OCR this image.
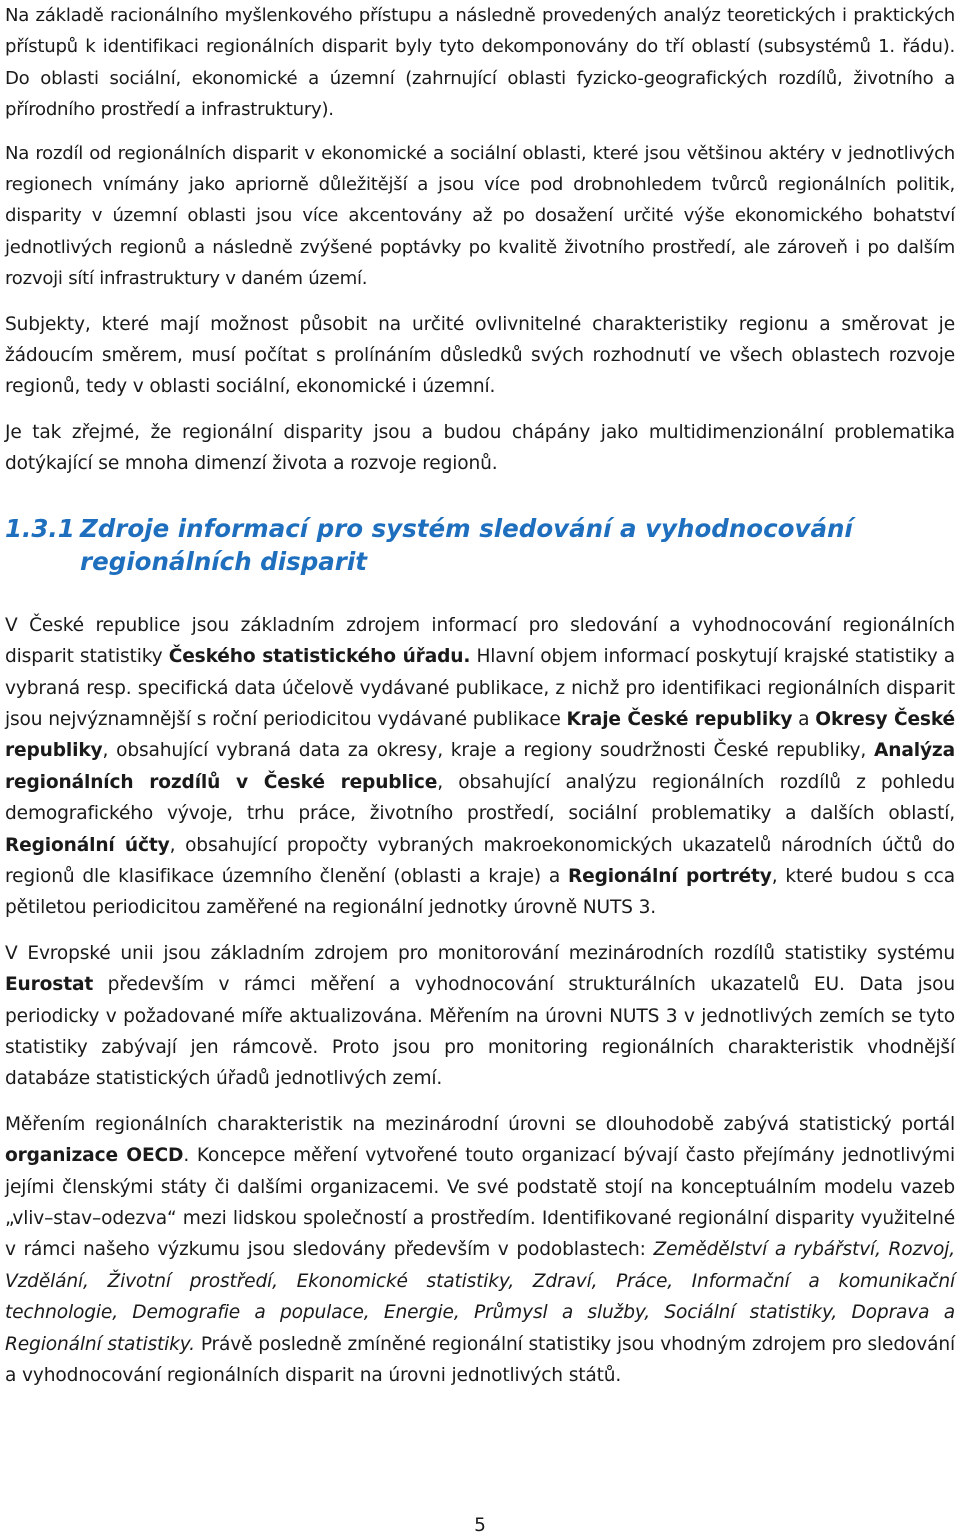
Na základě racionálního myšlenkového přístupu a následně provedených analýz teoretických i praktických přístupů k identifikaci regionálních disparit byly tyto dekomponovány do tří oblastí (subsystémů 1. řádu). Do oblasti sociální, ekonomické a územní (zahrnující oblasti fyzicko-geografických rozdílů, životního a přírodního prostředí a infrastruktury).

Na rozdíl od regionálních disparit v ekonomické a sociální oblasti, které jsou většinou aktéry v jednotlivých regionech vnímány jako apriorně důležitější a jsou více pod drobnohledem tvůrců regionálních politik, disparity v územní oblasti jsou více akcentovány až po dosažení určité výše ekonomického bohatství jednotlivých regionů a následně zvýšené poptávky po kvalitě životního prostředí, ale zároveň i po dalším rozvoji sítí infrastruktury v daném území.

Subjekty, které mají možnost působit na určité ovlivnitelné charakteristiky regionu a směrovat je žádoucím směrem, musí počítat s prolínáním důsledků svých rozhodnutí ve všech oblastech rozvoje regionů, tedy v oblasti sociální, ekonomické i územní.

Je tak zřejmé, že regionální disparity jsou a budou chápány jako multidimenzionální problematika dotýkající se mnoha dimenzí života a rozvoje regionů.

1.3.1 Zdroje informací pro systém sledování a vyhodnocování regionálních disparit

V České republice jsou základním zdrojem informací pro sledování a vyhodnocování regionálních disparit statistiky Českého statistického úřadu. Hlavní objem informací poskytují krajské statistiky a vybraná resp. specifická data účelově vydávané publikace, z nichž pro identifikaci regionálních disparit jsou nejvýznamnější s roční periodicitou vydávané publikace Kraje České republiky a Okresy České republiky, obsahující vybraná data za okresy, kraje a regiony soudržnosti České republiky, Analýza regionálních rozdílů v České republice, obsahující analýzu regionálních rozdílů z pohledu demografického vývoje, trhu práce, životního prostředí, sociální problematiky a dalších oblastí, Regionální účty, obsahující propočty vybraných makroekonomických ukazatelů národních účtů do regionů dle klasifikace územního členění (oblasti a kraje) a Regionální portréty, které budou s cca pětiletou periodicitou zaměřené na regionální jednotky úrovně NUTS 3.

V Evropské unii jsou základním zdrojem pro monitorování mezinárodních rozdílů statistiky systému Eurostat především v rámci měření a vyhodnocování strukturálních ukazatelů EU. Data jsou periodicky v požadované míře aktualizována. Měřením na úrovni NUTS 3 v jednotlivých zemích se tyto statistiky zabývají jen rámcově. Proto jsou pro monitoring regionálních charakteristik vhodnější databáze statistických úřadů jednotlivých zemí.

Měřením regionálních charakteristik na mezinárodní úrovni se dlouhodobě zabývá statistický portál organizace OECD. Koncepce měření vytvořené touto organizací bývají často přejímány jednotlivými jejími členskými státy či dalšími organizacemi. Ve své podstatě stojí na konceptuálním modelu vazeb „vliv–stav–odezva“ mezi lidskou společností a prostředím. Identifikované regionální disparity využitelné v rámci našeho výzkumu jsou sledovány především v podoblastech: Zemědělství a rybářství, Rozvoj, Vzdělání, Životní prostředí, Ekonomické statistiky, Zdraví, Práce, Informační a komunikační technologie, Demografie a populace, Energie, Průmysl a služby, Sociální statistiky, Doprava a Regionální statistiky. Právě posledně zmíněné regionální statistiky jsou vhodným zdrojem pro sledování a vyhodnocování regionálních disparit na úrovni jednotlivých států.

5
